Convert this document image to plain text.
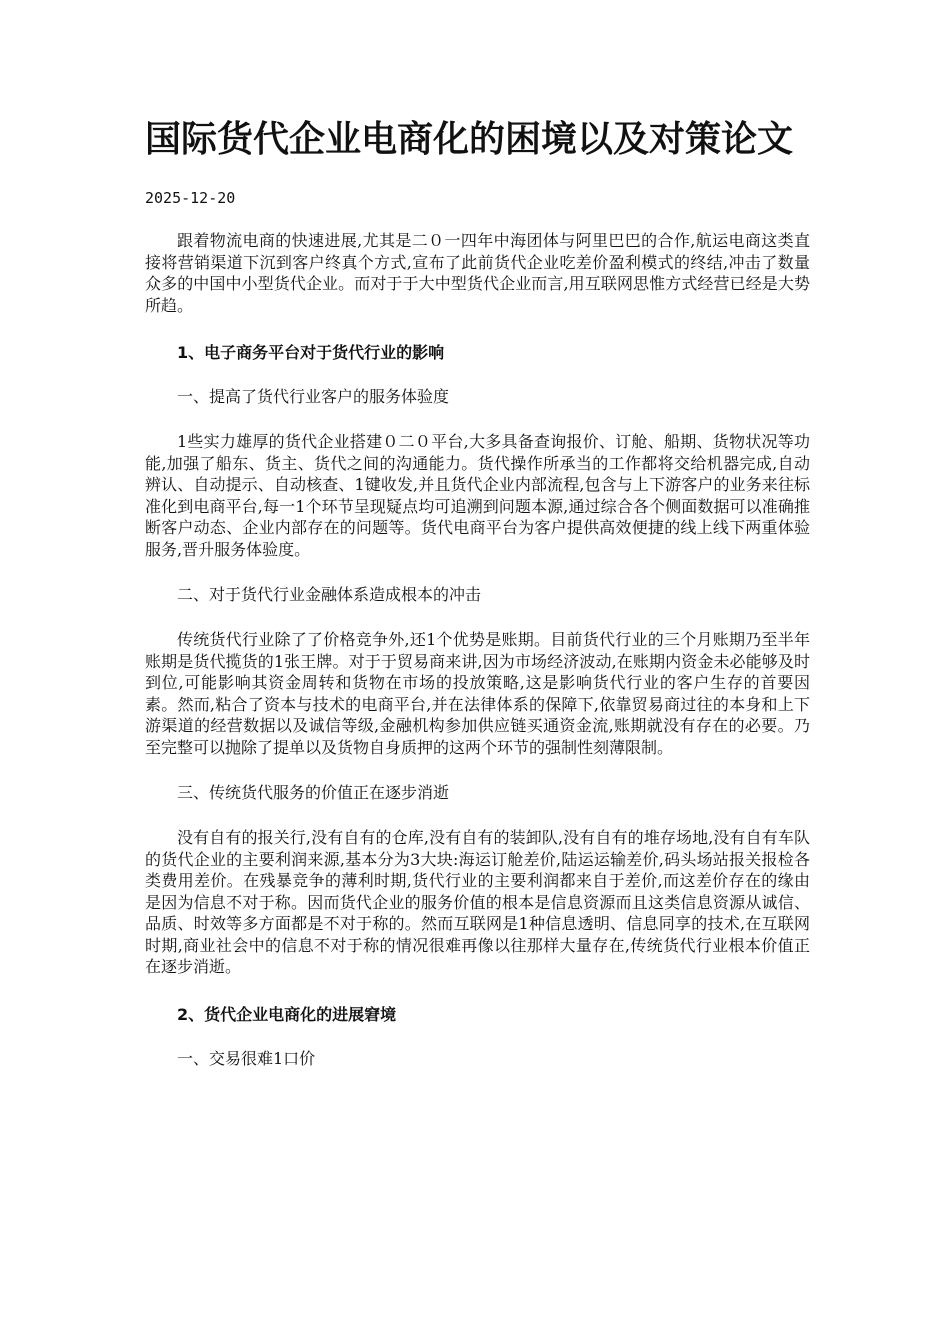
国际货代企业电商化的困境以及对策论文
2025-12-20

跟着物流电商的快速进展,尤其是二０一四年中海团体与阿里巴巴的合作,航运电商这类直接将营销渠道下沉到客户终真个方式,宣布了此前货代企业吃差价盈利模式的终结,冲击了数量众多的中国中小型货代企业。而对于于大中型货代企业而言,用互联网思惟方式经营已经是大势所趋。

1、电子商务平台对于货代行业的影响

一、提高了货代行业客户的服务体验度

1些实力雄厚的货代企业搭建０二０平台,大多具备查询报价、订舱、船期、货物状况等功能,加强了船东、货主、货代之间的沟通能力。货代操作所承当的工作都将交给机器完成,自动辨认、自动提示、自动核查、1键收发,并且货代企业内部流程,包含与上下游客户的业务来往标准化到电商平台,每一1个环节呈现疑点均可追溯到问题本源,通过综合各个侧面数据可以准确推断客户动态、企业内部存在的问题等。货代电商平台为客户提供高效便捷的线上线下两重体验服务,晋升服务体验度。

二、对于货代行业金融体系造成根本的冲击

传统货代行业除了了价格竞争外,还1个优势是账期。目前货代行业的三个月账期乃至半年账期是货代揽货的1张王牌。对于于贸易商来讲,因为市场经济波动,在账期内资金未必能够及时到位,可能影响其资金周转和货物在市场的投放策略,这是影响货代行业的客户生存的首要因素。然而,粘合了资本与技术的电商平台,并在法律体系的保障下,依靠贸易商过往的本身和上下游渠道的经营数据以及诚信等级,金融机构参加供应链买通资金流,账期就没有存在的必要。乃至完整可以抛除了提单以及货物自身质押的这两个环节的强制性刻薄限制。

三、传统货代服务的价值正在逐步消逝

没有自有的报关行,没有自有的仓库,没有自有的装卸队,没有自有的堆存场地,没有自有车队的货代企业的主要利润来源,基本分为3大块:海运订舱差价,陆运运输差价,码头场站报关报检各类费用差价。在残暴竞争的薄利时期,货代行业的主要利润都来自于差价,而这差价存在的缘由是因为信息不对于称。因而货代企业的服务价值的根本是信息资源而且这类信息资源从诚信、品质、时效等多方面都是不对于称的。然而互联网是1种信息透明、信息同享的技术,在互联网时期,商业社会中的信息不对于称的情况很难再像以往那样大量存在,传统货代行业根本价值正在逐步消逝。

2、货代企业电商化的进展窘境

一、交易很难1口价
